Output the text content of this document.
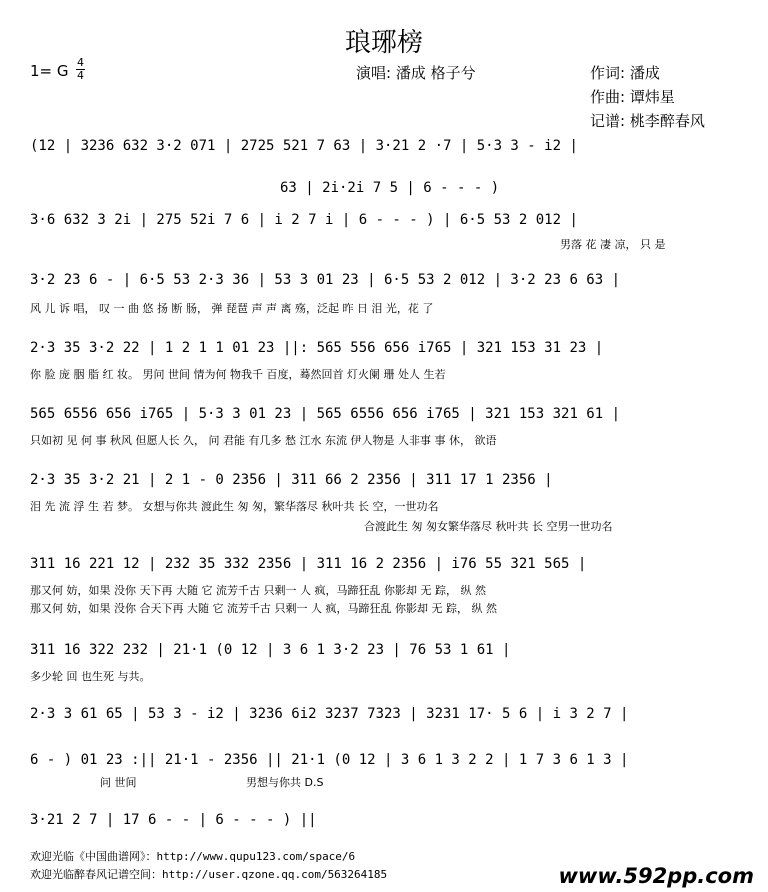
琅琊榜
1= G 4
4	演唱: 潘成 格子兮	作词: 潘成
作曲: 谭炜星
记谱: 桃李醉春风
(12 | 3236 632 3·2 071 | 2725 521 7 63 | 3·21 2 ·7 | 5·3 3 - i2 |
63 | 2i·2i 7 5 | 6 - - - )
3·6 632 3 2i | 275 52i 7 6 | i 2 7 i | 6 - - - ) | 6·5 53 2 012 |
男落 花 凄 凉， 只 是
3·2 23 6 - | 6·5 53 2·3 36 | 53 3 01 23 | 6·5 53 2 012 | 3·2 23 6 63 |
风 儿 诉 唱， 叹 一 曲 悠 扬 断 肠， 弹 琵琶 声 声 离 殇，泛起 昨 日 泪 光，花 了
2·3 35 3·2 22 | 1 2 1 1 01 23 ||: 565 556 656 i765 | 321 153 31 23 |
你 脸 庞 胭 脂 红 妆。 男问 世间 情为何 物我千 百度，蓦然回首 灯火阑 珊 处人 生若
565 6556 656 i765 | 5·3 3 01 23 | 565 6556 656 i765 | 321 153 321 61 |
只如初 见 何 事 秋风 但愿人长 久， 问 君能 有几多 愁 江水 东流 伊人物是 人非事 事 休， 欲语
2·3 35 3·2 21 | 2 1 - 0 2356 | 311 66 2 2356 | 311 17 1 2356 |
泪 先 流 浮 生 若 梦。 女想与你共 渡此生 匆 匆，繁华落尽 秋叶共 长 空，一世功名
合渡此生 匆 匆女繁华落尽 秋叶共 长 空男一世功名
311 16 221 12 | 232 35 332 2356 | 311 16 2 2356 | i76 55 321 565 |
那又何 妨，如果 没你 天下再 大随 它 流芳千古 只剩一 人 疯，马蹄狂乱 你影却 无 踪， 纵 然
那又何 妨，如果 没你 合天下再 大随 它 流芳千古 只剩一 人 疯，马蹄狂乱 你影却 无 踪， 纵 然
311 16 322 232 | 21·1 (0 12 | 3 6 1 3·2 23 | 76 53 1 61 |
多少轮 回 也生死 与共。
2·3 3 61 65 | 53 3 - i2 | 3236 6i2 3237 7323 | 3231 17· 5 6 | i 3 2 7 |
6 - ) 01 23 :|| 21·1 - 2356 || 21·1 (0 12 | 3 6 1 3 2 2 | 1 7 3 6 1 3 |
问 世间	男想与你共 D.S
3·21 2 7 | 17 6 - - | 6 - - - ) ||
欢迎光临《中国曲谱网》：http://www.qupu123.com/space/6
欢迎光临醉春风记谱空间：http://user.qzone.qq.com/563264185	www.592pp.com
